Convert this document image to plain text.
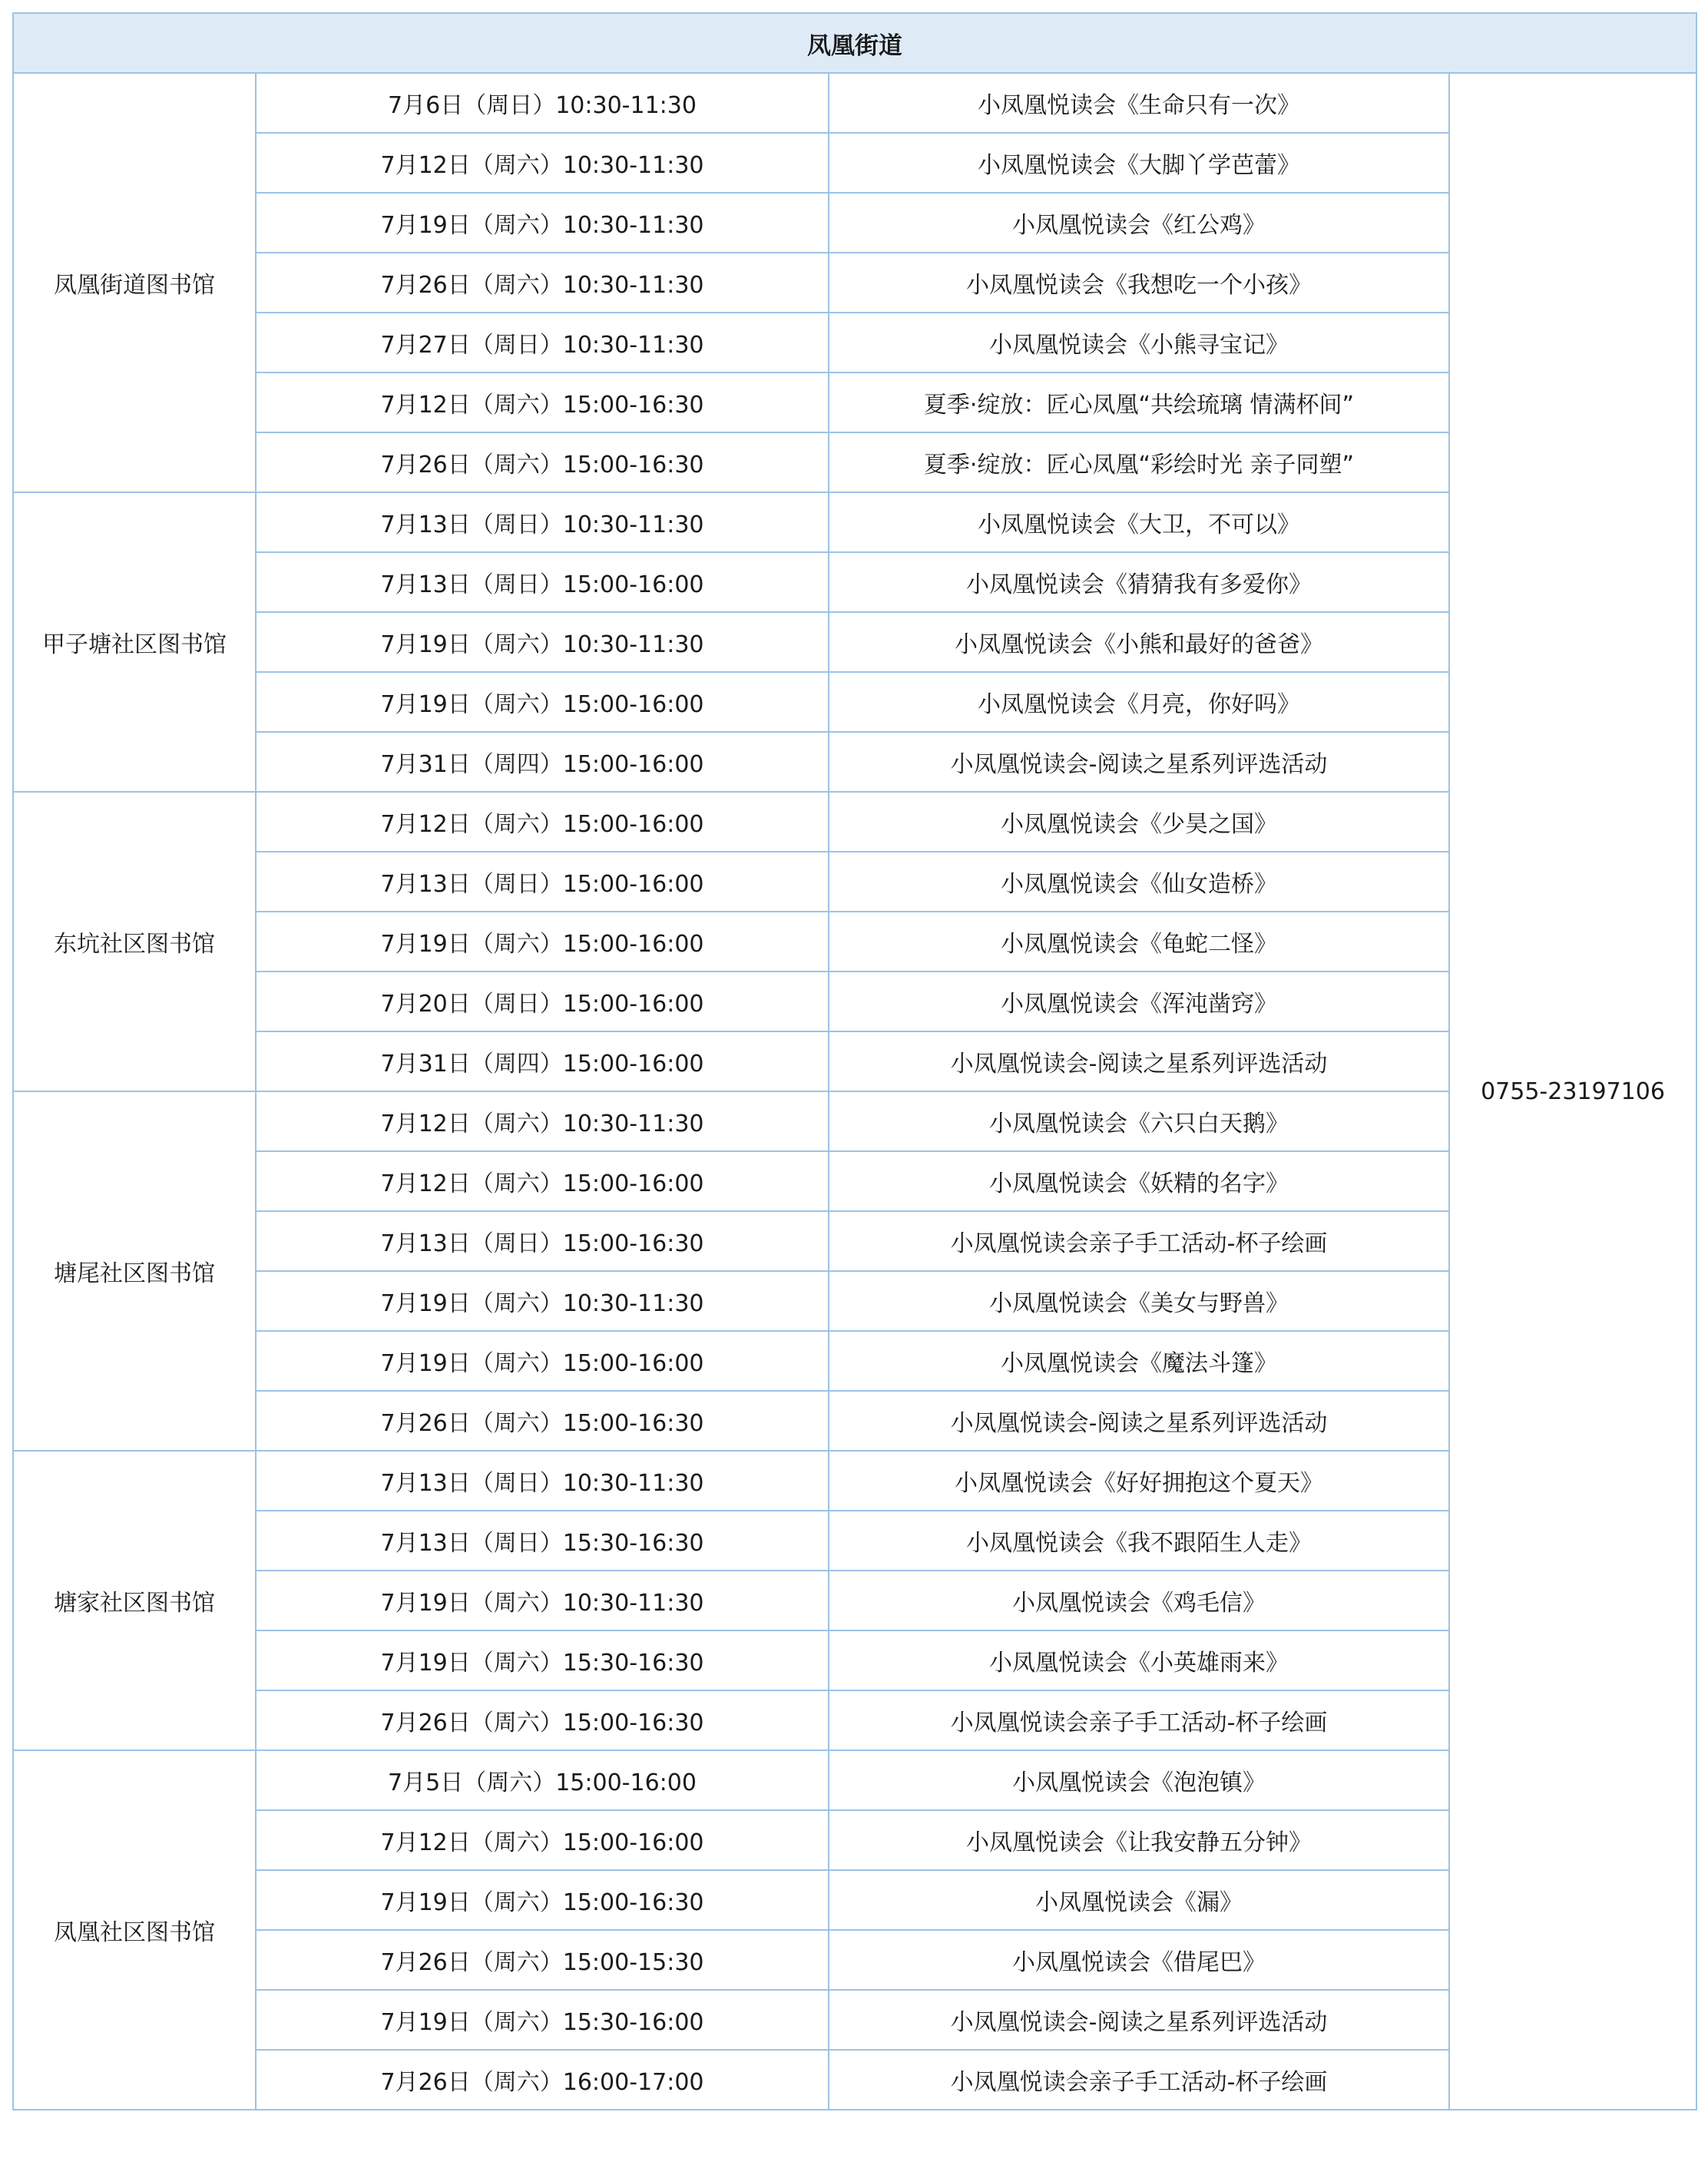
凤凰街道			
凤凰街道图书馆	7月6日（周日）10:30-11:30	小凤凰悦读会《生命只有一次》	0755-23197106
	7月12日（周六）10:30-11:30	小凤凰悦读会《大脚丫学芭蕾》	
	7月19日（周六）10:30-11:30	小凤凰悦读会《红公鸡》	
	7月26日（周六）10:30-11:30	小凤凰悦读会《我想吃一个小孩》	
	7月27日（周日）10:30-11:30	小凤凰悦读会《小熊寻宝记》	
	7月12日（周六）15:00-16:30	夏季·绽放：匠心凤凰“共绘琉璃 情满杯间”	
	7月26日（周六）15:00-16:30	夏季·绽放：匠心凤凰“彩绘时光 亲子同塑”	
甲子塘社区图书馆	7月13日（周日）10:30-11:30	小凤凰悦读会《大卫，不可以》	
	7月13日（周日）15:00-16:00	小凤凰悦读会《猜猜我有多爱你》	
	7月19日（周六）10:30-11:30	小凤凰悦读会《小熊和最好的爸爸》	
	7月19日（周六）15:00-16:00	小凤凰悦读会《月亮，你好吗》	
	7月31日（周四）15:00-16:00	小凤凰悦读会-阅读之星系列评选活动	
东坑社区图书馆	7月12日（周六）15:00-16:00	小凤凰悦读会《少昊之国》	
	7月13日（周日）15:00-16:00	小凤凰悦读会《仙女造桥》	
	7月19日（周六）15:00-16:00	小凤凰悦读会《龟蛇二怪》	
	7月20日（周日）15:00-16:00	小凤凰悦读会《浑沌凿窍》	
	7月31日（周四）15:00-16:00	小凤凰悦读会-阅读之星系列评选活动	
塘尾社区图书馆	7月12日（周六）10:30-11:30	小凤凰悦读会《六只白天鹅》	
	7月12日（周六）15:00-16:00	小凤凰悦读会《妖精的名字》	
	7月13日（周日）15:00-16:30	小凤凰悦读会亲子手工活动-杯子绘画	
	7月19日（周六）10:30-11:30	小凤凰悦读会《美女与野兽》	
	7月19日（周六）15:00-16:00	小凤凰悦读会《魔法斗篷》	
	7月26日（周六）15:00-16:30	小凤凰悦读会-阅读之星系列评选活动	
塘家社区图书馆	7月13日（周日）10:30-11:30	小凤凰悦读会《好好拥抱这个夏天》	
	7月13日（周日）15:30-16:30	小凤凰悦读会《我不跟陌生人走》	
	7月19日（周六）10:30-11:30	小凤凰悦读会《鸡毛信》	
	7月19日（周六）15:30-16:30	小凤凰悦读会《小英雄雨来》	
	7月26日（周六）15:00-16:30	小凤凰悦读会亲子手工活动-杯子绘画	
凤凰社区图书馆	7月5日（周六）15:00-16:00	小凤凰悦读会《泡泡镇》	
	7月12日（周六）15:00-16:00	小凤凰悦读会《让我安静五分钟》	
	7月19日（周六）15:00-16:30	小凤凰悦读会《漏》	
	7月26日（周六）15:00-15:30	小凤凰悦读会《借尾巴》	
	7月19日（周六）15:30-16:00	小凤凰悦读会-阅读之星系列评选活动	
	7月26日（周六）16:00-17:00	小凤凰悦读会亲子手工活动-杯子绘画	
